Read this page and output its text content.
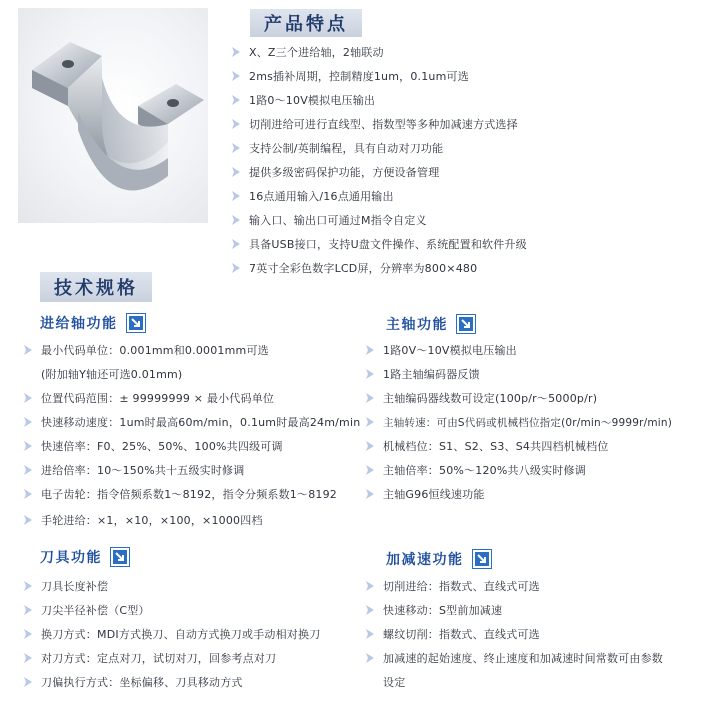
产品特点
X、Z三个进给轴，2轴联动
2ms插补周期，控制精度1um，0.1um可选
1路0～10V模拟电压输出
切削进给可进行直线型、指数型等多种加减速方式选择
支持公制/英制编程，具有自动对刀功能
提供多级密码保护功能，方便设备管理
16点通用输入/16点通用输出
输入口、输出口可通过M指令自定义
具备USB接口，支持U盘文件操作、系统配置和软件升级
7英寸全彩色数字LCD屏，分辨率为800×480
技术规格
进给轴功能
最小代码单位：0.001mm和0.0001mm可选
(附加轴Y轴还可选0.01mm)
位置代码范围：± 99999999 × 最小代码单位
快速移动速度：1um时最高60m/min，0.1um时最高24m/min
快速倍率：F0、25%、50%、100%共四级可调
进给倍率：10～150%共十五级实时修调
电子齿轮：指令倍频系数1～8192，指令分频系数1～8192
手轮进给：×1，×10，×100，×1000四档
主轴功能
1路0V～10V模拟电压输出
1路主轴编码器反馈
主轴编码器线数可设定(100p/r～5000p/r)
主轴转速：可由S代码或机械档位指定(0r/min～9999r/min)
机械档位：S1、S2、S3、S4共四档机械档位
主轴倍率：50%～120%共八级实时修调
主轴G96恒线速功能
刀具功能
刀具长度补偿
刀尖半径补偿（C型）
换刀方式：MDI方式换刀、自动方式换刀或手动相对换刀
对刀方式：定点对刀，试切对刀，回参考点对刀
刀偏执行方式：坐标偏移、刀具移动方式
加减速功能
切削进给：指数式、直线式可选
快速移动：S型前加减速
螺纹切削：指数式、直线式可选
加减速的起始速度、终止速度和加减速时间常数可由参数
设定
